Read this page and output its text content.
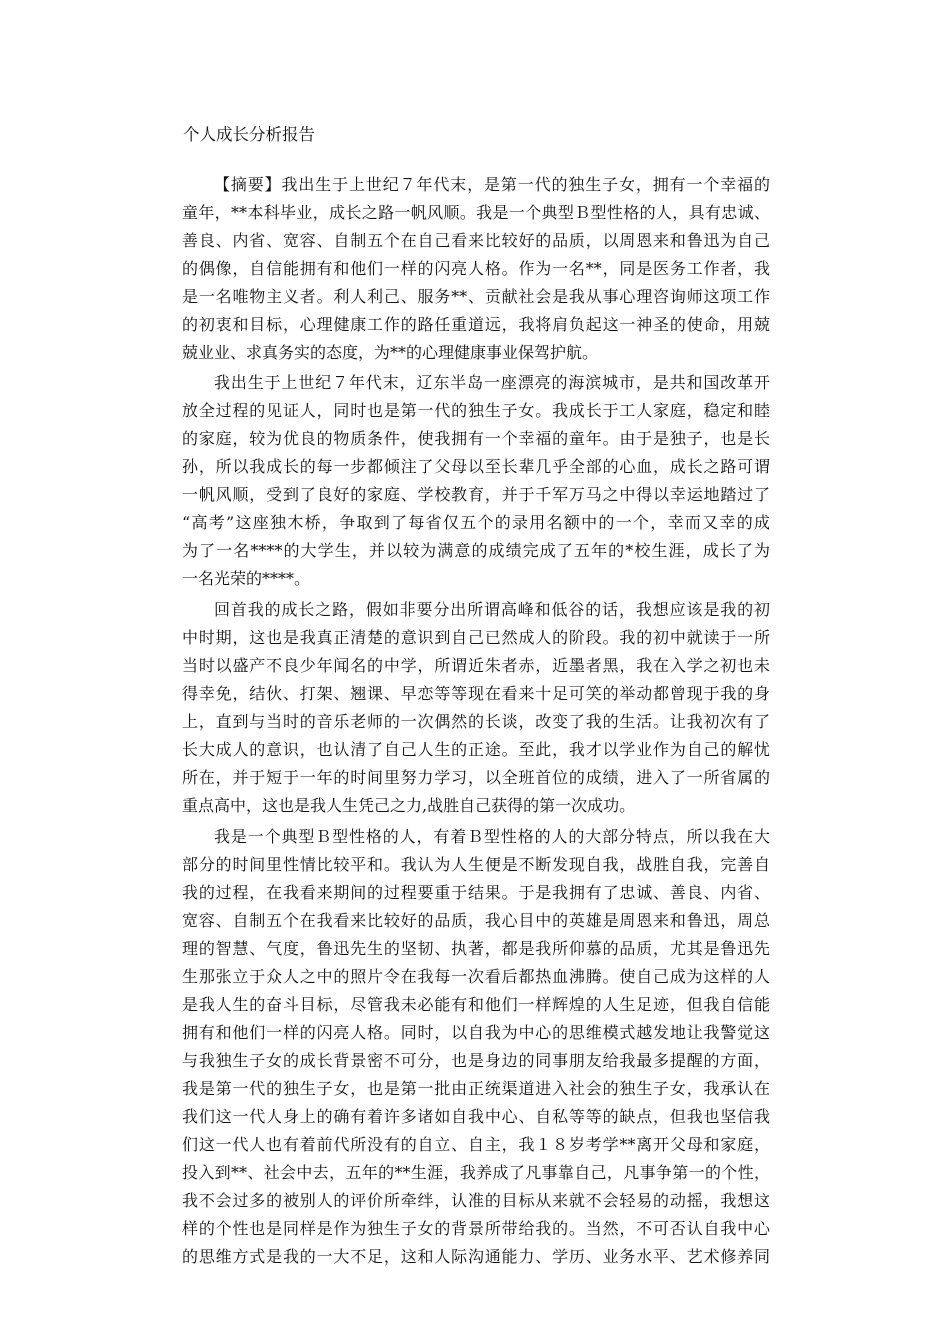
个人成长分析报告
【摘要】我出生于上世纪７年代末，是第一代的独生子女，拥有一个幸福的
童年，**本科毕业，成长之路一帆风顺。我是一个典型Ｂ型性格的人，具有忠诚、
善良、内省、宽容、自制五个在自己看来比较好的品质，以周恩来和鲁迅为自己
的偶像，自信能拥有和他们一样的闪亮人格。作为一名**，同是医务工作者，我
是一名唯物主义者。利人利己、服务**、贡献社会是我从事心理咨询师这项工作
的初衷和目标，心理健康工作的路任重道远，我将肩负起这一神圣的使命，用兢
兢业业、求真务实的态度，为**的心理健康事业保驾护航。
我出生于上世纪７年代末，辽东半岛一座漂亮的海滨城市，是共和国改革开
放全过程的见证人，同时也是第一代的独生子女。我成长于工人家庭，稳定和睦
的家庭，较为优良的物质条件，使我拥有一个幸福的童年。由于是独子，也是长
孙，所以我成长的每一步都倾注了父母以至长辈几乎全部的心血，成长之路可谓
一帆风顺，受到了良好的家庭、学校教育，并于千军万马之中得以幸运地踏过了
“高考”这座独木桥，争取到了每省仅五个的录用名额中的一个，幸而又幸的成
为了一名****的大学生，并以较为满意的成绩完成了五年的*校生涯，成长了为
一名光荣的****。
回首我的成长之路，假如非要分出所谓高峰和低谷的话，我想应该是我的初
中时期，这也是我真正清楚的意识到自己已然成人的阶段。我的初中就读于一所
当时以盛产不良少年闻名的中学，所谓近朱者赤，近墨者黑，我在入学之初也未
得幸免，结伙、打架、翘课、早恋等等现在看来十足可笑的举动都曾现于我的身
上，直到与当时的音乐老师的一次偶然的长谈，改变了我的生活。让我初次有了
长大成人的意识，也认清了自己人生的正途。至此，我才以学业作为自己的解忧
所在，并于短于一年的时间里努力学习，以全班首位的成绩，进入了一所省属的
重点高中，这也是我人生凭己之力,战胜自己获得的第一次成功。
我是一个典型Ｂ型性格的人，有着Ｂ型性格的人的大部分特点，所以我在大
部分的时间里性情比较平和。我认为人生便是不断发现自我，战胜自我，完善自
我的过程，在我看来期间的过程要重于结果。于是我拥有了忠诚、善良、内省、
宽容、自制五个在我看来比较好的品质，我心目中的英雄是周恩来和鲁迅，周总
理的智慧、气度，鲁迅先生的坚韧、执著，都是我所仰慕的品质，尤其是鲁迅先
生那张立于众人之中的照片令在我每一次看后都热血沸腾。使自己成为这样的人
是我人生的奋斗目标，尽管我未必能有和他们一样辉煌的人生足迹，但我自信能
拥有和他们一样的闪亮人格。同时，以自我为中心的思维模式越发地让我警觉这
与我独生子女的成长背景密不可分，也是身边的同事朋友给我最多提醒的方面，
我是第一代的独生子女，也是第一批由正统渠道进入社会的独生子女，我承认在
我们这一代人身上的确有着许多诸如自我中心、自私等等的缺点，但我也坚信我
们这一代人也有着前代所没有的自立、自主，我１８岁考学**离开父母和家庭，
投入到**、社会中去，五年的**生涯，我养成了凡事靠自己，凡事争第一的个性，
我不会过多的被别人的评价所牵绊，认准的目标从来就不会轻易的动摇，我想这
样的个性也是同样是作为独生子女的背景所带给我的。当然，不可否认自我中心
的思维方式是我的一大不足，这和人际沟通能力、学历、业务水平、艺术修养同
